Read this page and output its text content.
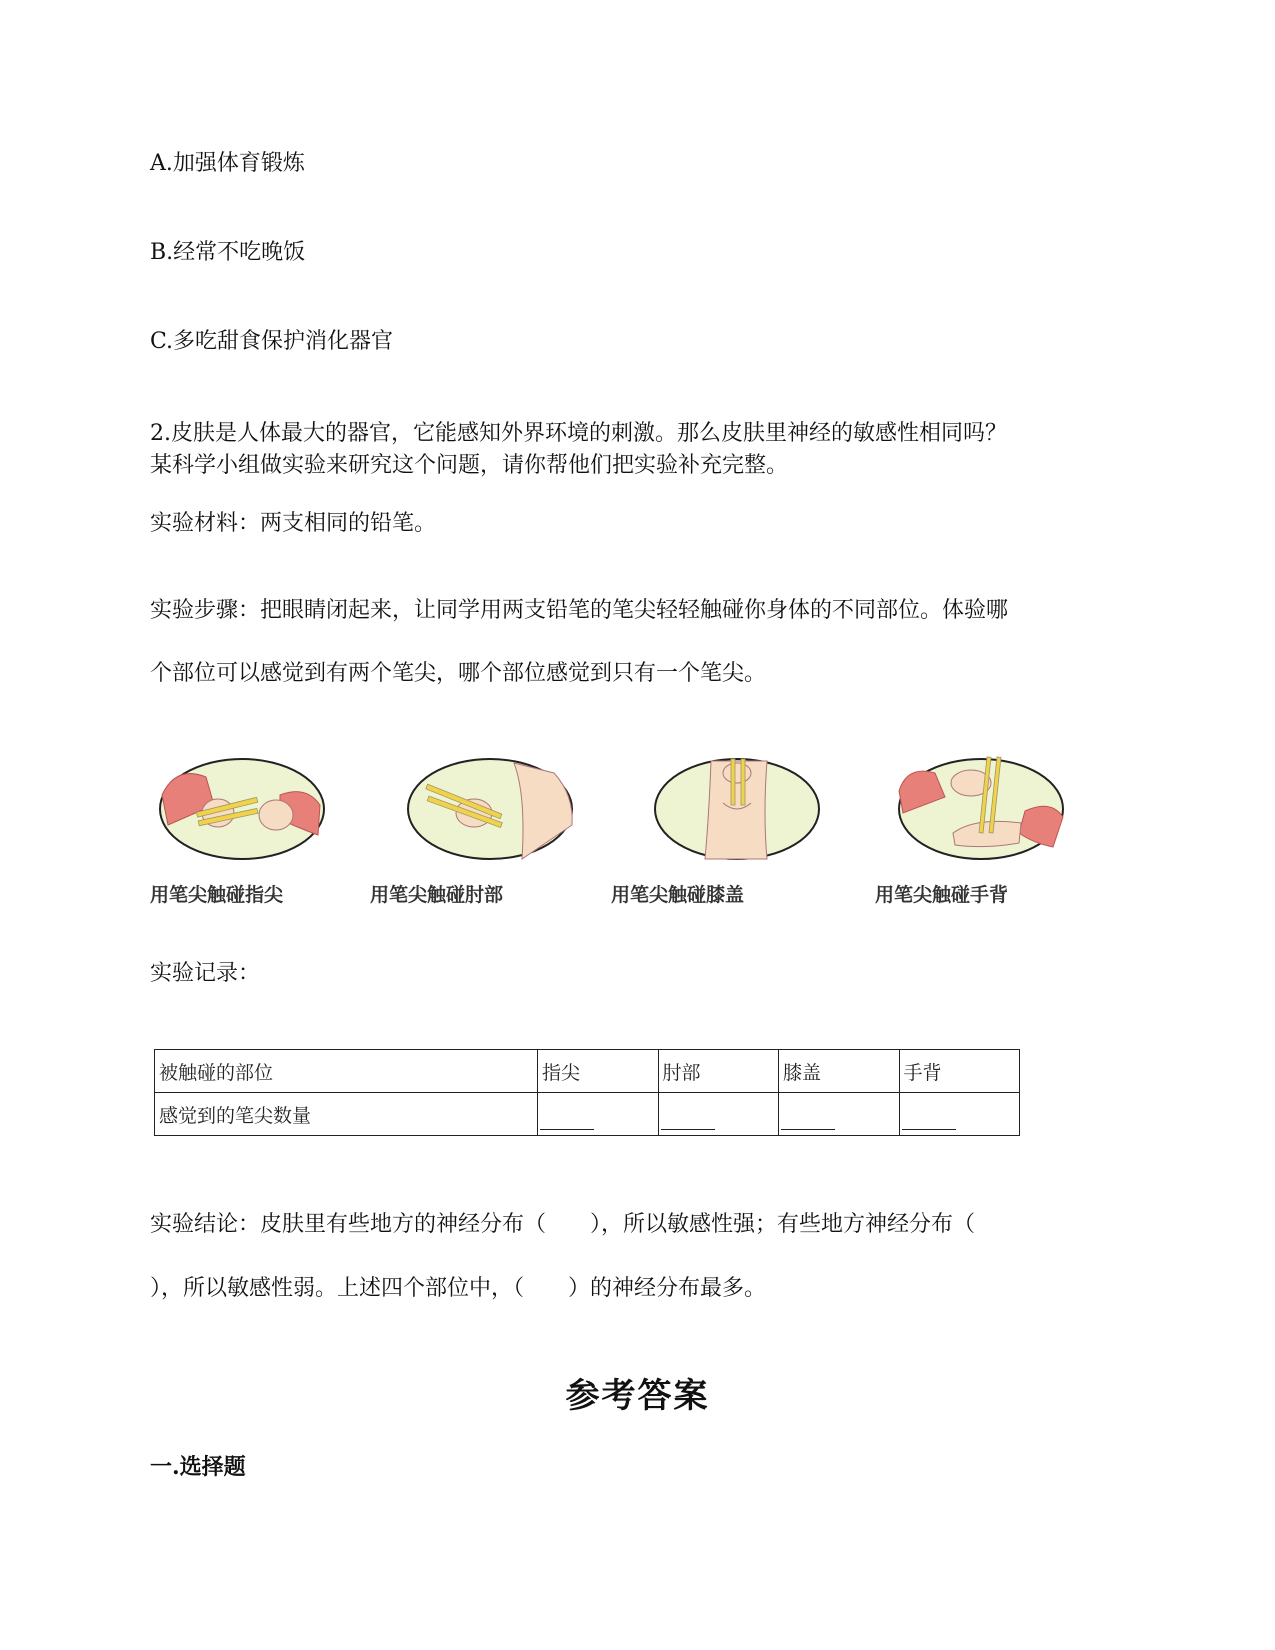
A.加强体育锻炼
B.经常不吃晚饭
C.多吃甜食保护消化器官
2.皮肤是人体最大的器官，它能感知外界环境的刺激。那么皮肤里神经的敏感性相同吗？
某科学小组做实验来研究这个问题，请你帮他们把实验补充完整。
实验材料：两支相同的铅笔。
实验步骤：把眼睛闭起来，让同学用两支铅笔的笔尖轻轻触碰你身体的不同部位。体验哪
个部位可以感觉到有两个笔尖，哪个部位感觉到只有一个笔尖。
用笔尖触碰指尖	用笔尖触碰肘部	用笔尖触碰膝盖	用笔尖触碰手背
实验记录：
被触碰的部位	指尖	肘部	膝盖	手背
感觉到的笔尖数量	

实验结论：皮肤里有些地方的神经分布（　　），所以敏感性强；有些地方神经分布（
），所以敏感性弱。上述四个部位中，（　　）的神经分布最多。
参考答案
一.选择题
